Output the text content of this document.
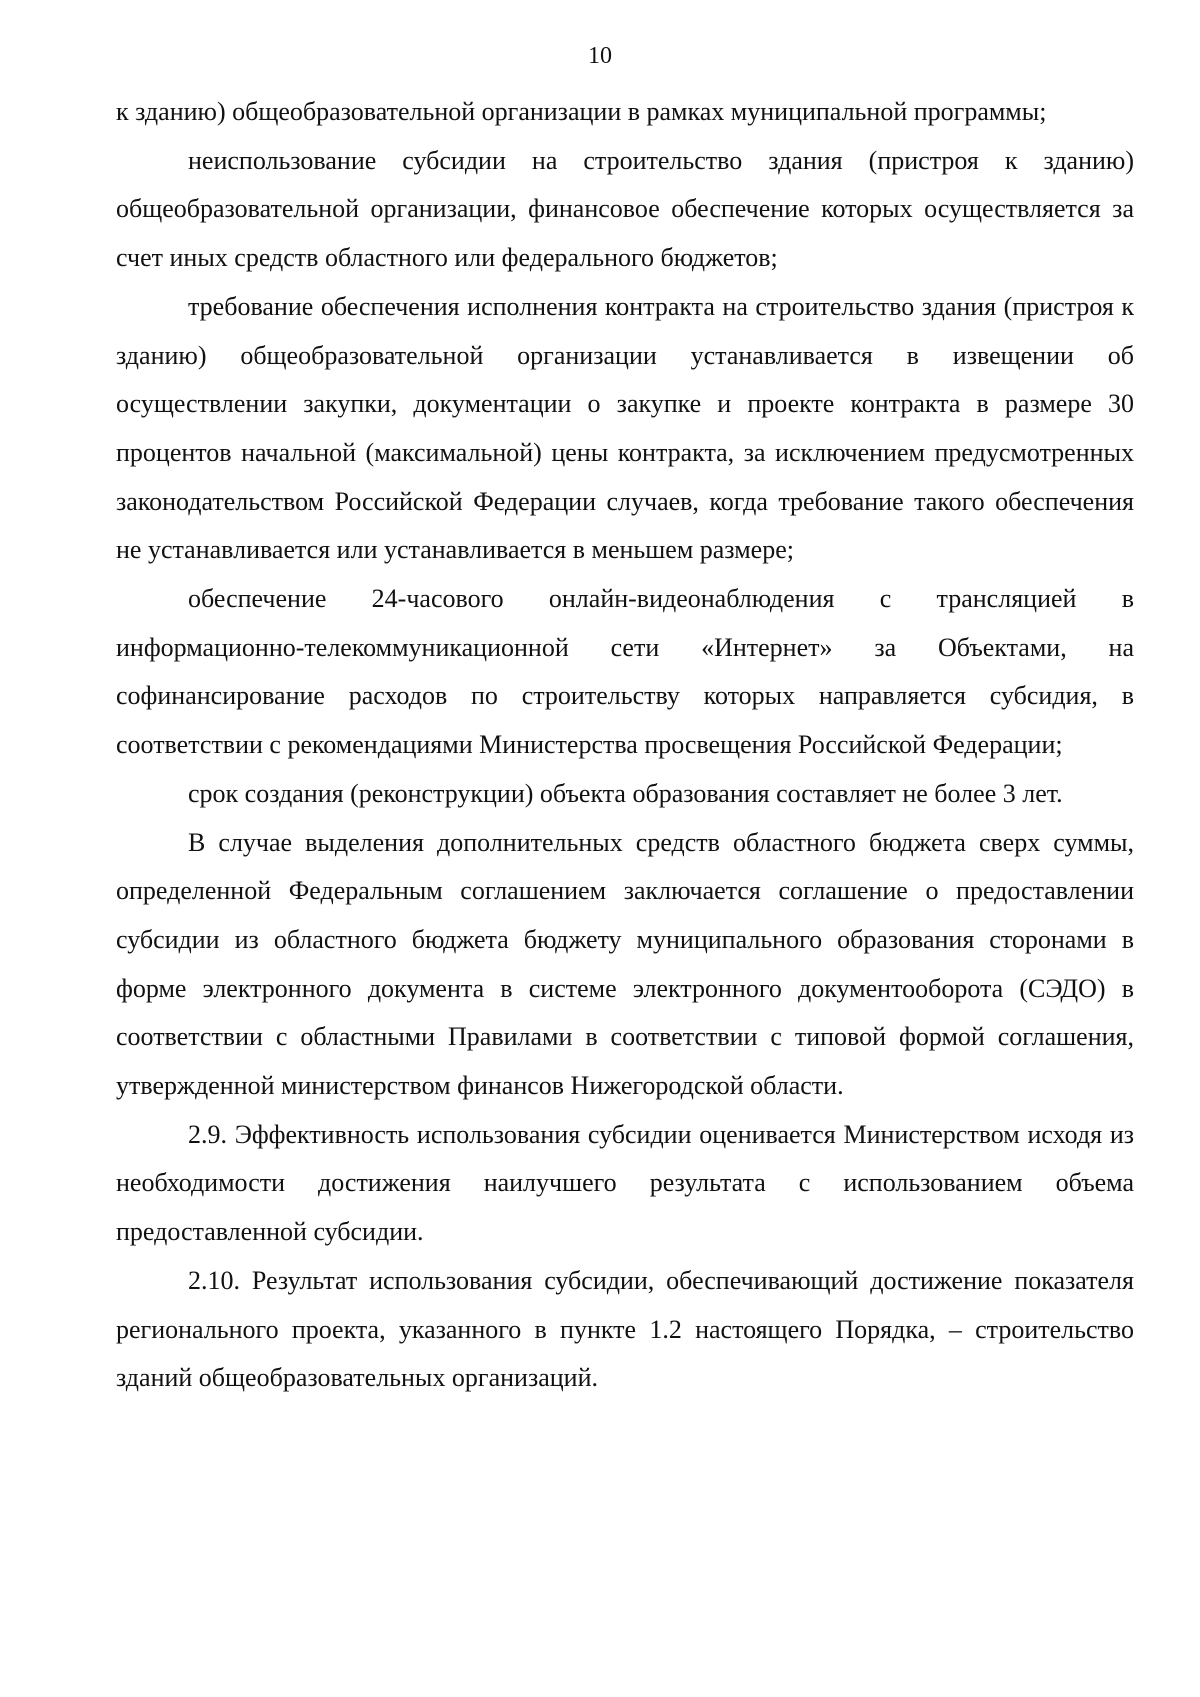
10

к зданию) общеобразовательной организации в рамках муниципальной программы;

неиспользование субсидии на строительство здания (пристроя к зданию) общеобразовательной организации, финансовое обеспечение которых осуществляется за счет иных средств областного или федерального бюджетов;

требование обеспечения исполнения контракта на строительство здания (пристроя к зданию) общеобразовательной организации устанавливается в извещении об осуществлении закупки, документации о закупке и проекте контракта в размере 30 процентов начальной (максимальной) цены контракта, за исключением предусмотренных законодательством Российской Федерации случаев, когда требование такого обеспечения не устанавливается или устанавливается в меньшем размере;

обеспечение 24-часового онлайн-видеонаблюдения с трансляцией в информационно-телекоммуникационной сети «Интернет» за Объектами, на софинансирование расходов по строительству которых направляется субсидия, в соответствии с рекомендациями Министерства просвещения Российской Федерации;

срок создания (реконструкции) объекта образования составляет не более 3 лет.

В случае выделения дополнительных средств областного бюджета сверх суммы, определенной Федеральным соглашением заключается соглашение о предоставлении субсидии из областного бюджета бюджету муниципального образования сторонами в форме электронного документа в системе электронного документооборота (СЭДО) в соответствии с областными Правилами в соответствии с типовой формой соглашения, утвержденной министерством финансов Нижегородской области.

2.9. Эффективность использования субсидии оценивается Министерством исходя из необходимости достижения наилучшего результата с использованием объема предоставленной субсидии.

2.10. Результат использования субсидии, обеспечивающий достижение показателя регионального проекта, указанного в пункте 1.2 настоящего Порядка, – строительство зданий общеобразовательных организаций.
